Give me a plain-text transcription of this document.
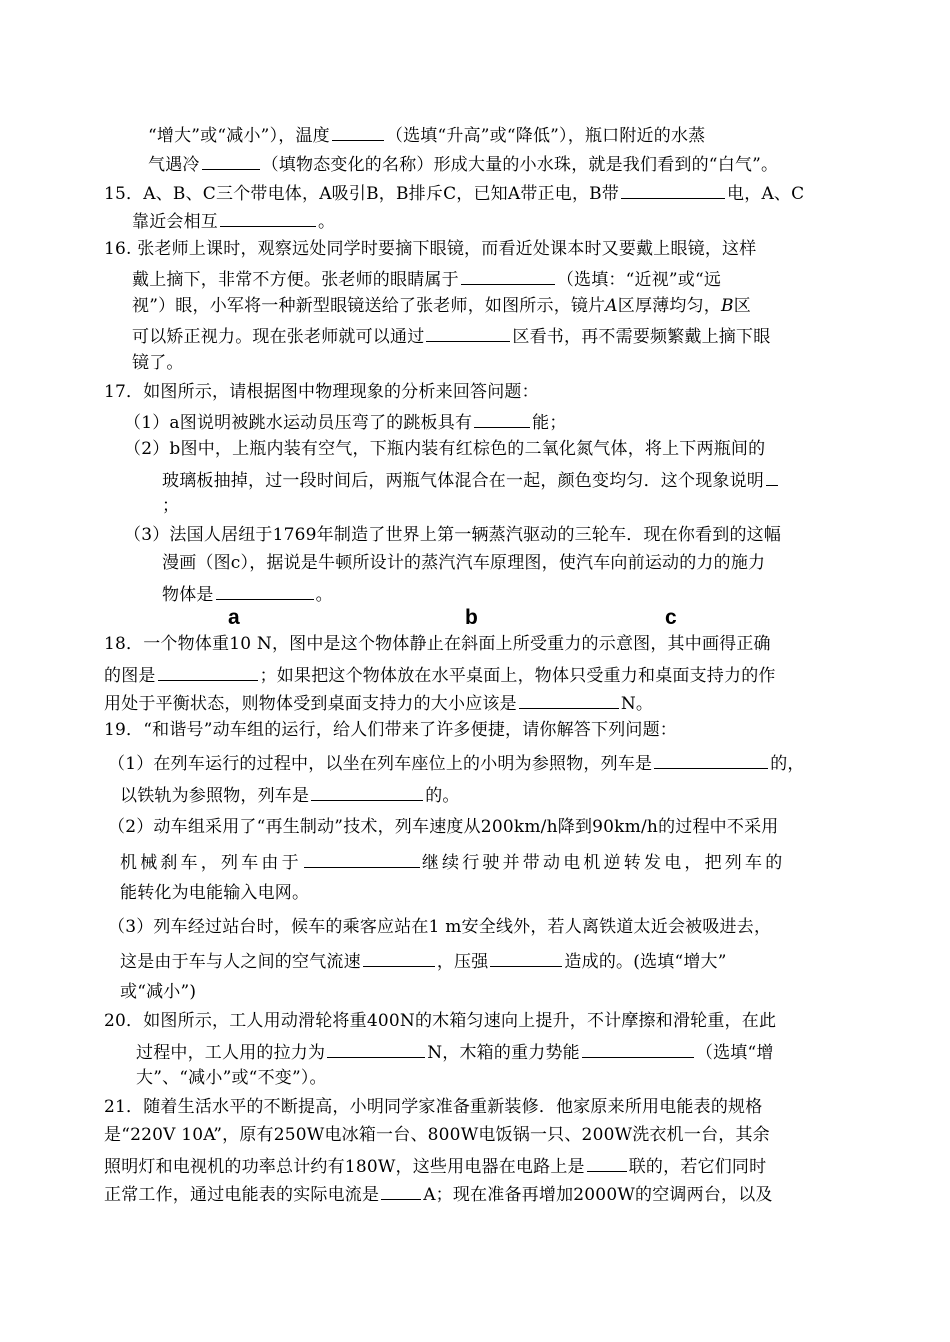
“增大”或“减小”），温度	（选填“升高”或“降低”），瓶口附近的水蒸
气遇冷	（填物态变化的名称）形成大量的小水珠，就是我们看到的“白气”。
15．A、B、C三个带电体，A吸引B，B排斥C，已知A带正电，B带	电，A、C
靠近会相互	。
16. 张老师上课时，观察远处同学时要摘下眼镜，而看近处课本时又要戴上眼镜，这样
戴上摘下，非常不方便。张老师的眼睛属于	（选填：“近视”或“远
视”）眼，小军将一种新型眼镜送给了张老师，如图所示，镜片A区厚薄均匀，B区
可以矫正视力。现在张老师就可以通过	区看书，再不需要频繁戴上摘下眼
镜了。
17．如图所示，请根据图中物理现象的分析来回答问题：
（1）a图说明被跳水运动员压弯了的跳板具有	能；
（2）b图中，上瓶内装有空气，下瓶内装有红棕色的二氧化氮气体，将上下两瓶间的
玻璃板抽掉，过一段时间后，两瓶气体混合在一起，颜色变均匀．这个现象说明
；
（3）法国人居纽于1769年制造了世界上第一辆蒸汽驱动的三轮车．现在你看到的这幅
漫画（图c），据说是牛顿所设计的蒸汽汽车原理图，使汽车向前运动的力的施力
物体是	。
a	b	c
18．一个物体重10 N，图中是这个物体静止在斜面上所受重力的示意图，其中画得正确
的图是	；如果把这个物体放在水平桌面上，物体只受重力和桌面支持力的作
用处于平衡状态，则物体受到桌面支持力的大小应该是	N。
19．“和谐号”动车组的运行，给人们带来了许多便捷，请你解答下列问题：
（1）在列车运行的过程中，以坐在列车座位上的小明为参照物，列车是	的，
以铁轨为参照物，列车是	的。
（2）动车组采用了“再生制动”技术，列车速度从200km/h降到90km/h的过程中不采用
机械刹车，列车由于	继续行驶并带动电机逆转发电，把列车的
能转化为电能输入电网。
（3）列车经过站台时，候车的乘客应站在1 m安全线外，若人离铁道太近会被吸进去，
这是由于车与人之间的空气流速	，压强	造成的。(选填“增大”
或“减小”)
20．如图所示，工人用动滑轮将重400N的木箱匀速向上提升，不计摩擦和滑轮重，在此
过程中，工人用的拉力为	N，木箱的重力势能	（选填“增
大”、“减小”或“不变”）。
21．随着生活水平的不断提高，小明同学家准备重新装修．他家原来所用电能表的规格
是“220V 10A”，原有250W电冰箱一台、800W电饭锅一只、200W洗衣机一台，其余
照明灯和电视机的功率总计约有180W，这些用电器在电路上是	联的，若它们同时
正常工作，通过电能表的实际电流是	A；现在准备再增加2000W的空调两台，以及
